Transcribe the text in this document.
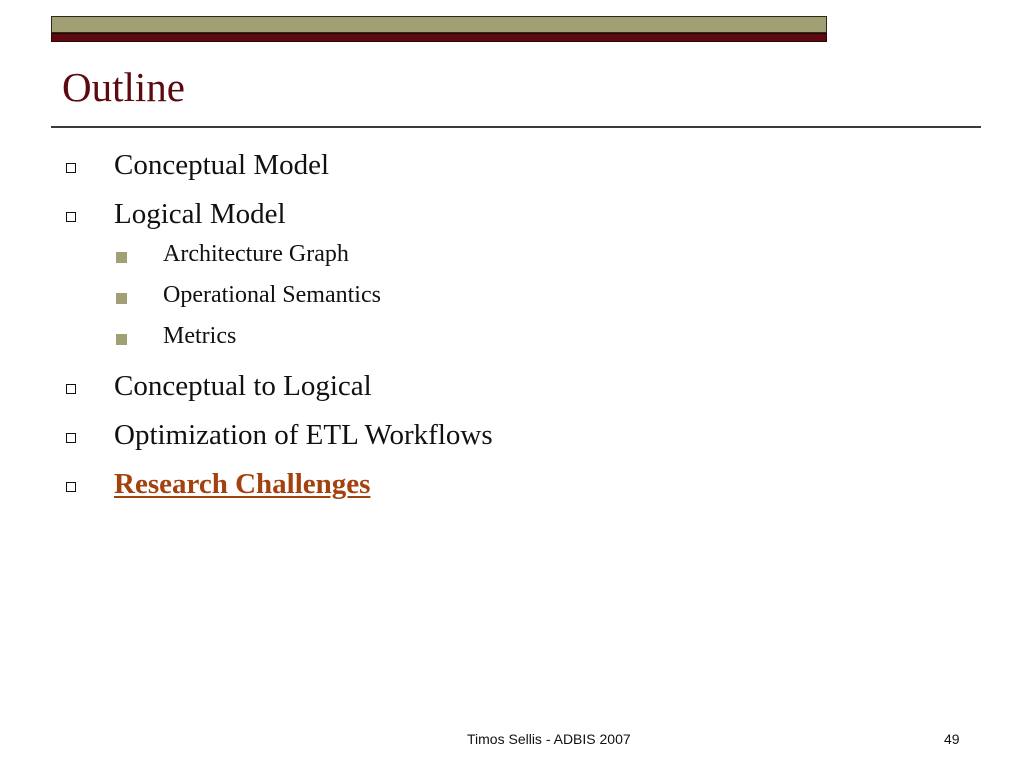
Outline
Conceptual Model
Logical Model
Architecture Graph
Operational Semantics
Metrics
Conceptual to Logical
Optimization of ETL Workflows
Research Challenges
Timos Sellis - ADBIS 2007	49
